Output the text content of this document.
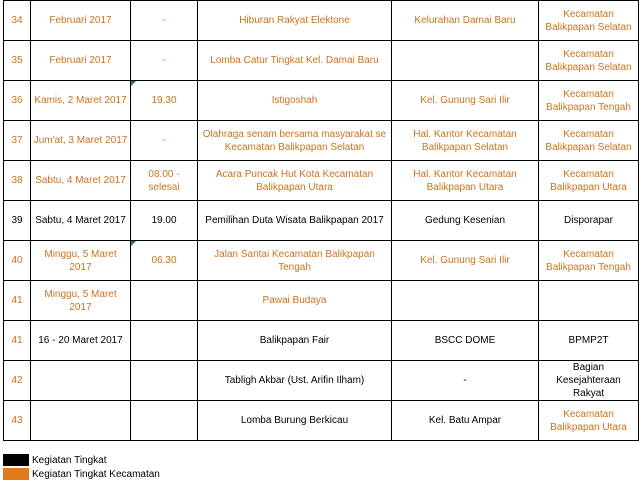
34	Februari 2017	-	Hiburan Rakyat Elektone	Kelurahan Damai Baru	Kecamatan Balikpapan Selatan
35	Februari 2017	-	Lomba Catur Tingkat Kel. Damai Baru		Kecamatan Balikpapan Selatan
36	Kamis, 2 Maret 2017	19.30	Istigoshah	Kel. Gunung Sari Ilir	Kecamatan Balikpapan Tengah
37	Jum'at, 3 Maret 2017	-	Olahraga senam bersama masyarakat se Kecamatan Balikpapan Selatan	Hal. Kantor Kecamatan Balikpapan Selatan	Kecamatan Balikpapan Selatan
38	Sabtu, 4 Maret 2017	08.00 - selesai	Acara Puncak Hut Kota Kecamatan Balikpapan Utara	Hal. Kantor Kecamatan Balikpapan Utara	Kecamatan Balikpapan Utara
39	Sabtu, 4 Maret 2017	19.00	Pemilihan Duta Wisata Balikpapan 2017	Gedung Kesenian	Disporapar
40	Minggu, 5 Maret 2017	06.30	Jalan Santai Kecamatan Balikpapan Tengah	Kel. Gunung Sari Ilir	Kecamatan Balikpapan Tengah
41	Minggu, 5 Maret 2017		Pawai Budaya		
41	16 - 20 Maret 2017		Balikpapan Fair	BSCC DOME	BPMP2T
42			Tabligh Akbar (Ust. Arifin Ilham)	-	Bagian Kesejahteraan Rakyat
43			Lomba Burung Berkicau	Kel. Batu Ampar	Kecamatan Balikpapan Utara
Kegiatan Tingkat
Kegiatan Tingkat Kecamatan
